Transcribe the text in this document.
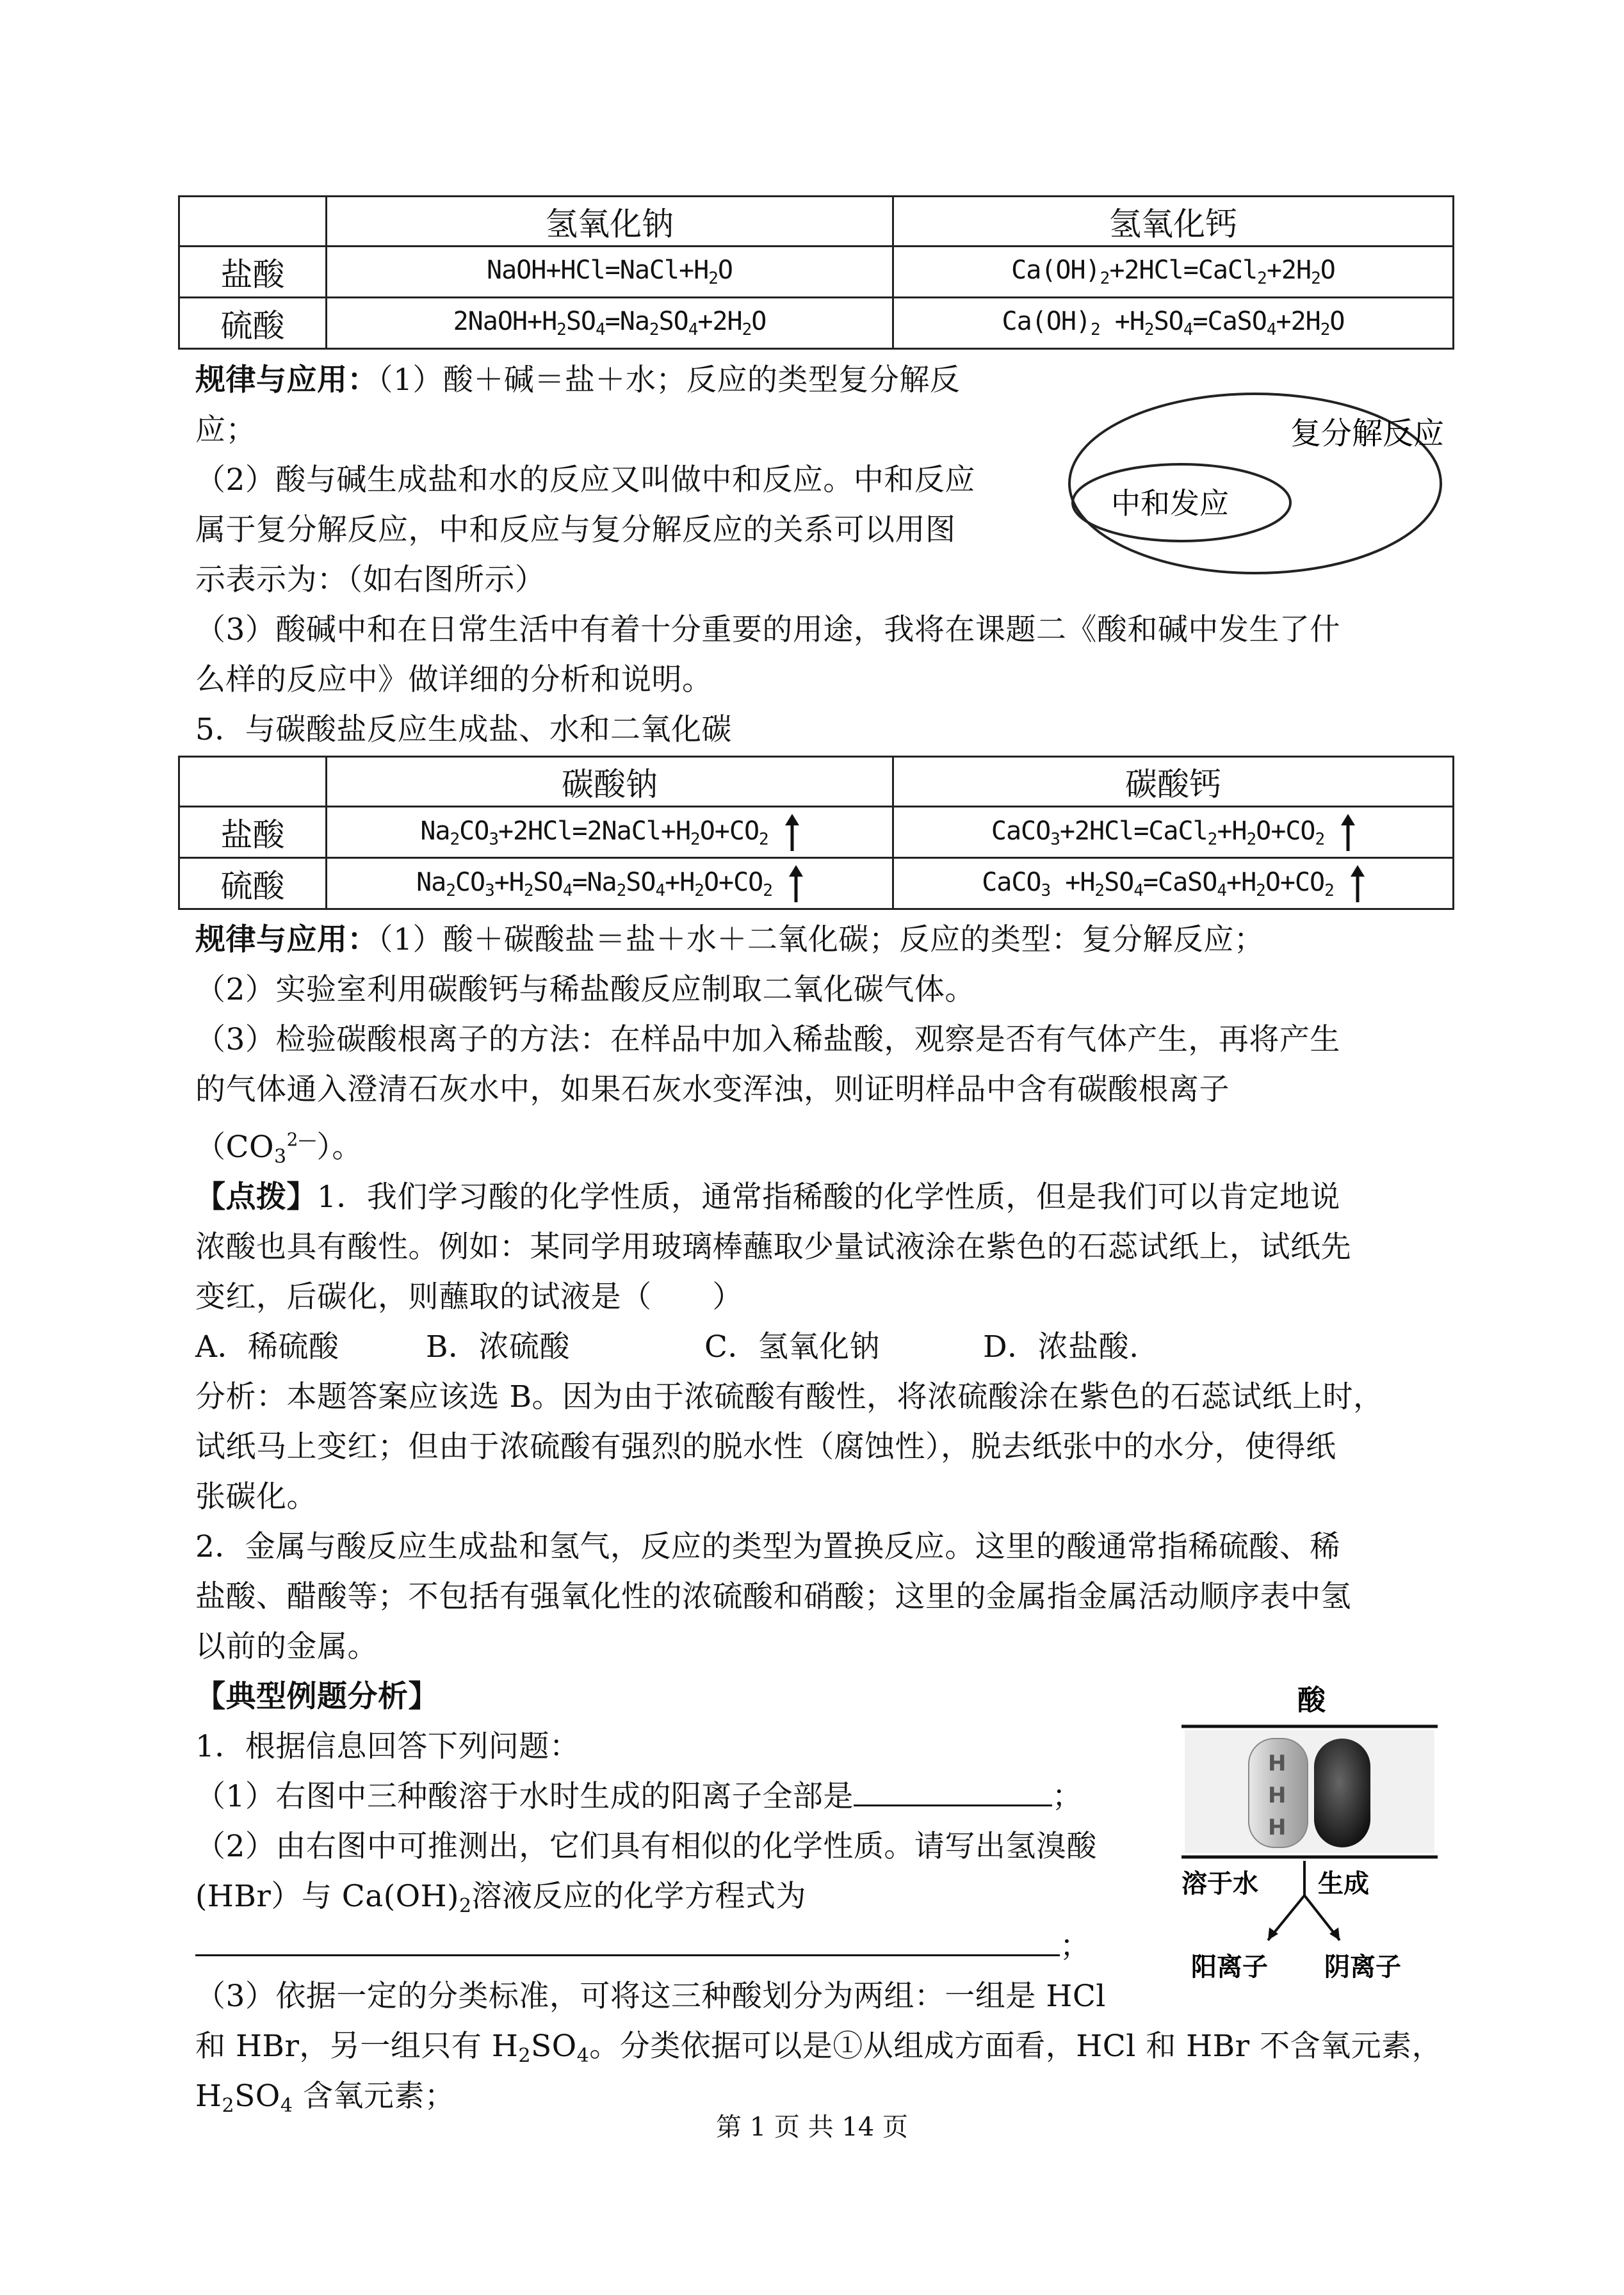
	氢氧化钠	氢氧化钙
盐酸	$NaOH+HCl=NaCl+H_2O$	$Ca(OH)_2+2HCl=CaCl_2+2H_2O$
硫酸	$2NaOH+H_2SO_4=Na_2SO_4+2H_2O$	$Ca(OH)_2$ $+H_2SO_4=CaSO_4+2H_2O$
规律与应用：（1）酸＋碱＝盐＋水；反应的类型复分解反
应；
（2）酸与碱生成盐和水的反应又叫做中和反应。中和反应
属于复分解反应，中和反应与复分解反应的关系可以用图
示表示为：（如右图所示）
（3）酸碱中和在日常生活中有着十分重要的用途，我将在课题二《酸和碱中发生了什
么样的反应中》做详细的分析和说明。
复分解反应
中和发应
5．与碳酸盐反应生成盐、水和二氧化碳
	碳酸钠	碳酸钙
盐酸	$Na_2CO_3+2HCl=2NaCl+H_2O+CO_2$	$CaCO_3+2HCl=CaCl_2+H_2O+CO_2$
硫酸	$Na_2CO_3+H_2SO_4=Na_2SO_4+H_2O+CO_2$	CaCO$_3$ $+H_2SO_4=CaSO_4+H_2O+CO_2$
规律与应用：（1）酸＋碳酸盐＝盐＋水＋二氧化碳；反应的类型：复分解反应；
（2）实验室利用碳酸钙与稀盐酸反应制取二氧化碳气体。
（3）检验碳酸根离子的方法：在样品中加入稀盐酸，观察是否有气体产生，再将产生
的气体通入澄清石灰水中，如果石灰水变浑浊，则证明样品中含有碳酸根离子
$(CO_3^{2—})$。
【点拨】1．我们学习酸的化学性质，通常指稀酸的化学性质，但是我们可以肯定地说
浓酸也具有酸性。例如：某同学用玻璃棒蘸取少量试液涂在紫色的石蕊试纸上，试纸先
变红，后碳化，则蘸取的试液是（　　）
A．稀硫酸	B．浓硫酸	C．氢氧化钠	D．浓盐酸.
分析：本题答案应该选 B。因为由于浓硫酸有酸性，将浓硫酸涂在紫色的石蕊试纸上时，
试纸马上变红；但由于浓硫酸有强烈的脱水性（腐蚀性），脱去纸张中的水分，使得纸
张碳化。
2．金属与酸反应生成盐和氢气，反应的类型为置换反应。这里的酸通常指稀硫酸、稀
盐酸、醋酸等；不包括有强氧化性的浓硫酸和硝酸；这里的金属指金属活动顺序表中氢
以前的金属。
【典型例题分析】
1．根据信息回答下列问题：
（1）右图中三种酸溶于水时生成的阳离子全部是	；
（2）由右图中可推测出，它们具有相似的化学性质。请写出氢溴酸
(HBr）与 $Ca(OH)_2$溶液反应的化学方程式为
；
（3）依据一定的分类标准，可将这三种酸划分为两组：一组是 HCl
和 HBr，另一组只有 $H_2SO_4$。分类依据可以是①从组成方面看，HCl 和 HBr 不含氧元素，
$H_2SO_4$ 含氧元素；
酸
H
H
H
溶于水 生成
阳离子 阴离子
第 1 页 共 14 页
